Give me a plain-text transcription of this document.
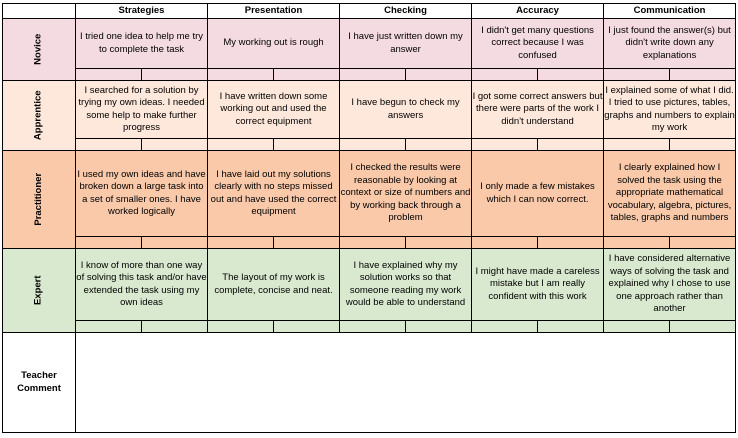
	Strategies		Presentation		Checking		Accuracy		Communication	
Novice	I tried one idea to help me try to complete the task		My working out is rough		I have just written down my answer		I didn't get many questions correct because I was confused		I just found the answer(s) but didn't write down any explanations	

Apprentice	I searched for a solution by trying my own ideas. I needed some help to make further progress		I have written down some working out and used the correct equipment		I have begun to check my answers		I got some correct answers but there were parts of the work I didn't understand		I explained some of what I did. I tried to use pictures, tables, graphs and numbers to explain my work	

Practitioner	I used my own ideas and have broken down a large task into a set of smaller ones. I have worked logically		I have laid out my solutions clearly with no steps missed out and have used the correct equipment		I checked the results were reasonable by looking at context or size of numbers and by working back through a problem		I only made a few mistakes which I can now correct.		I clearly explained how I solved the task using the appropriate mathematical vocabulary, algebra, pictures, tables, graphs and numbers	

Expert	I know of more than one way of solving this task and/or have extended the task using my own ideas		The layout of my work is complete, concise and neat.		I have explained why my solution works so that someone reading my work would be able to understand		I might have made a careless mistake but I am really confident with this work		I have considered alternative ways of solving the task and explained why I chose to use one approach rather than another	

Teacher
Comment										
